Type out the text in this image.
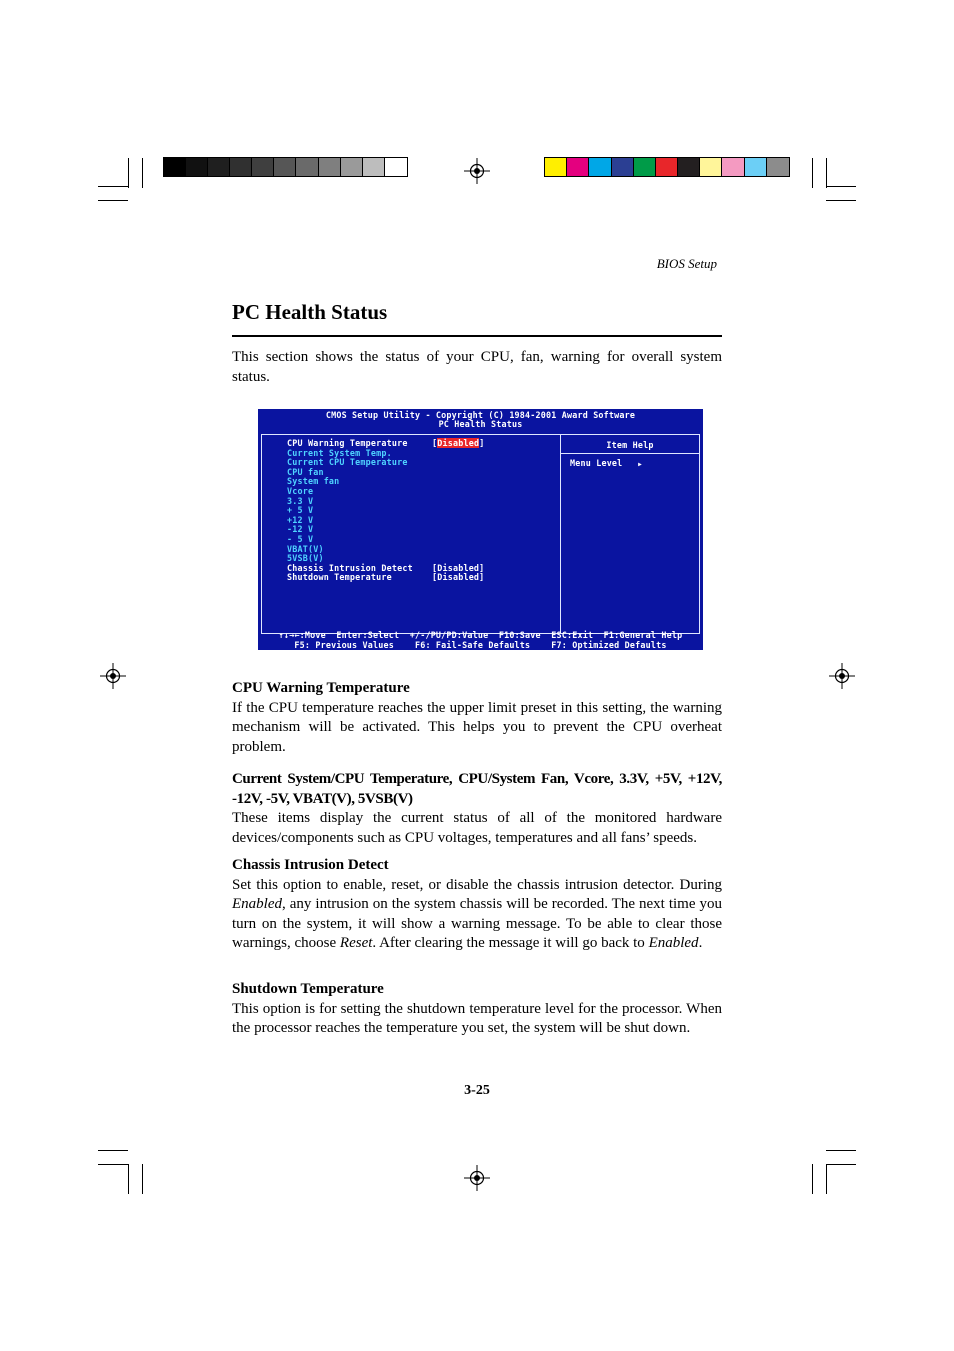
BIOS Setup
PC Health Status
This section shows the status of your CPU, fan, warning for overall system status.
CMOS Setup Utility - Copyright (C) 1984-2001 Award Software
PC Health Status
CPU Warning Temperature	[Disabled]
Current System Temp.
Current CPU Temperature
CPU fan
System fan
Vcore
3.3 V
+ 5 V
+12 V
-12 V
- 5 V
VBAT(V)
5VSB(V)
Chassis Intrusion Detect [Disabled]
Shutdown Temperature	[Disabled]
Item Help
Menu Level	▶
↑↓→←:Move  Enter:Select  +/-/PU/PD:Value  F10:Save  ESC:Exit  F1:General Help
F5: Previous Values    F6: Fail-Safe Defaults    F7: Optimized Defaults
CPU Warning Temperature
If the CPU temperature reaches the upper limit preset in this setting, the warning mechanism will be activated. This helps you to prevent the CPU overheat problem.
Current System/CPU Temperature, CPU/System Fan, Vcore, 3.3V, +5V, +12V, -12V, -5V, VBAT(V), 5VSB(V)
These items display the current status of all of the monitored hardware devices/components such as CPU voltages, temperatures and all fans’ speeds.
Chassis Intrusion Detect
Set this option to enable, reset, or disable the chassis intrusion detector. During Enabled, any intrusion on the system chassis will be recorded. The next time you turn on the system, it will show a warning message. To be able to clear those warnings, choose Reset. After clearing the message it will go back to Enabled.
Shutdown Temperature
This option is for setting the shutdown temperature level for the processor. When the processor reaches the temperature you set, the system will be shut down.
3-25
